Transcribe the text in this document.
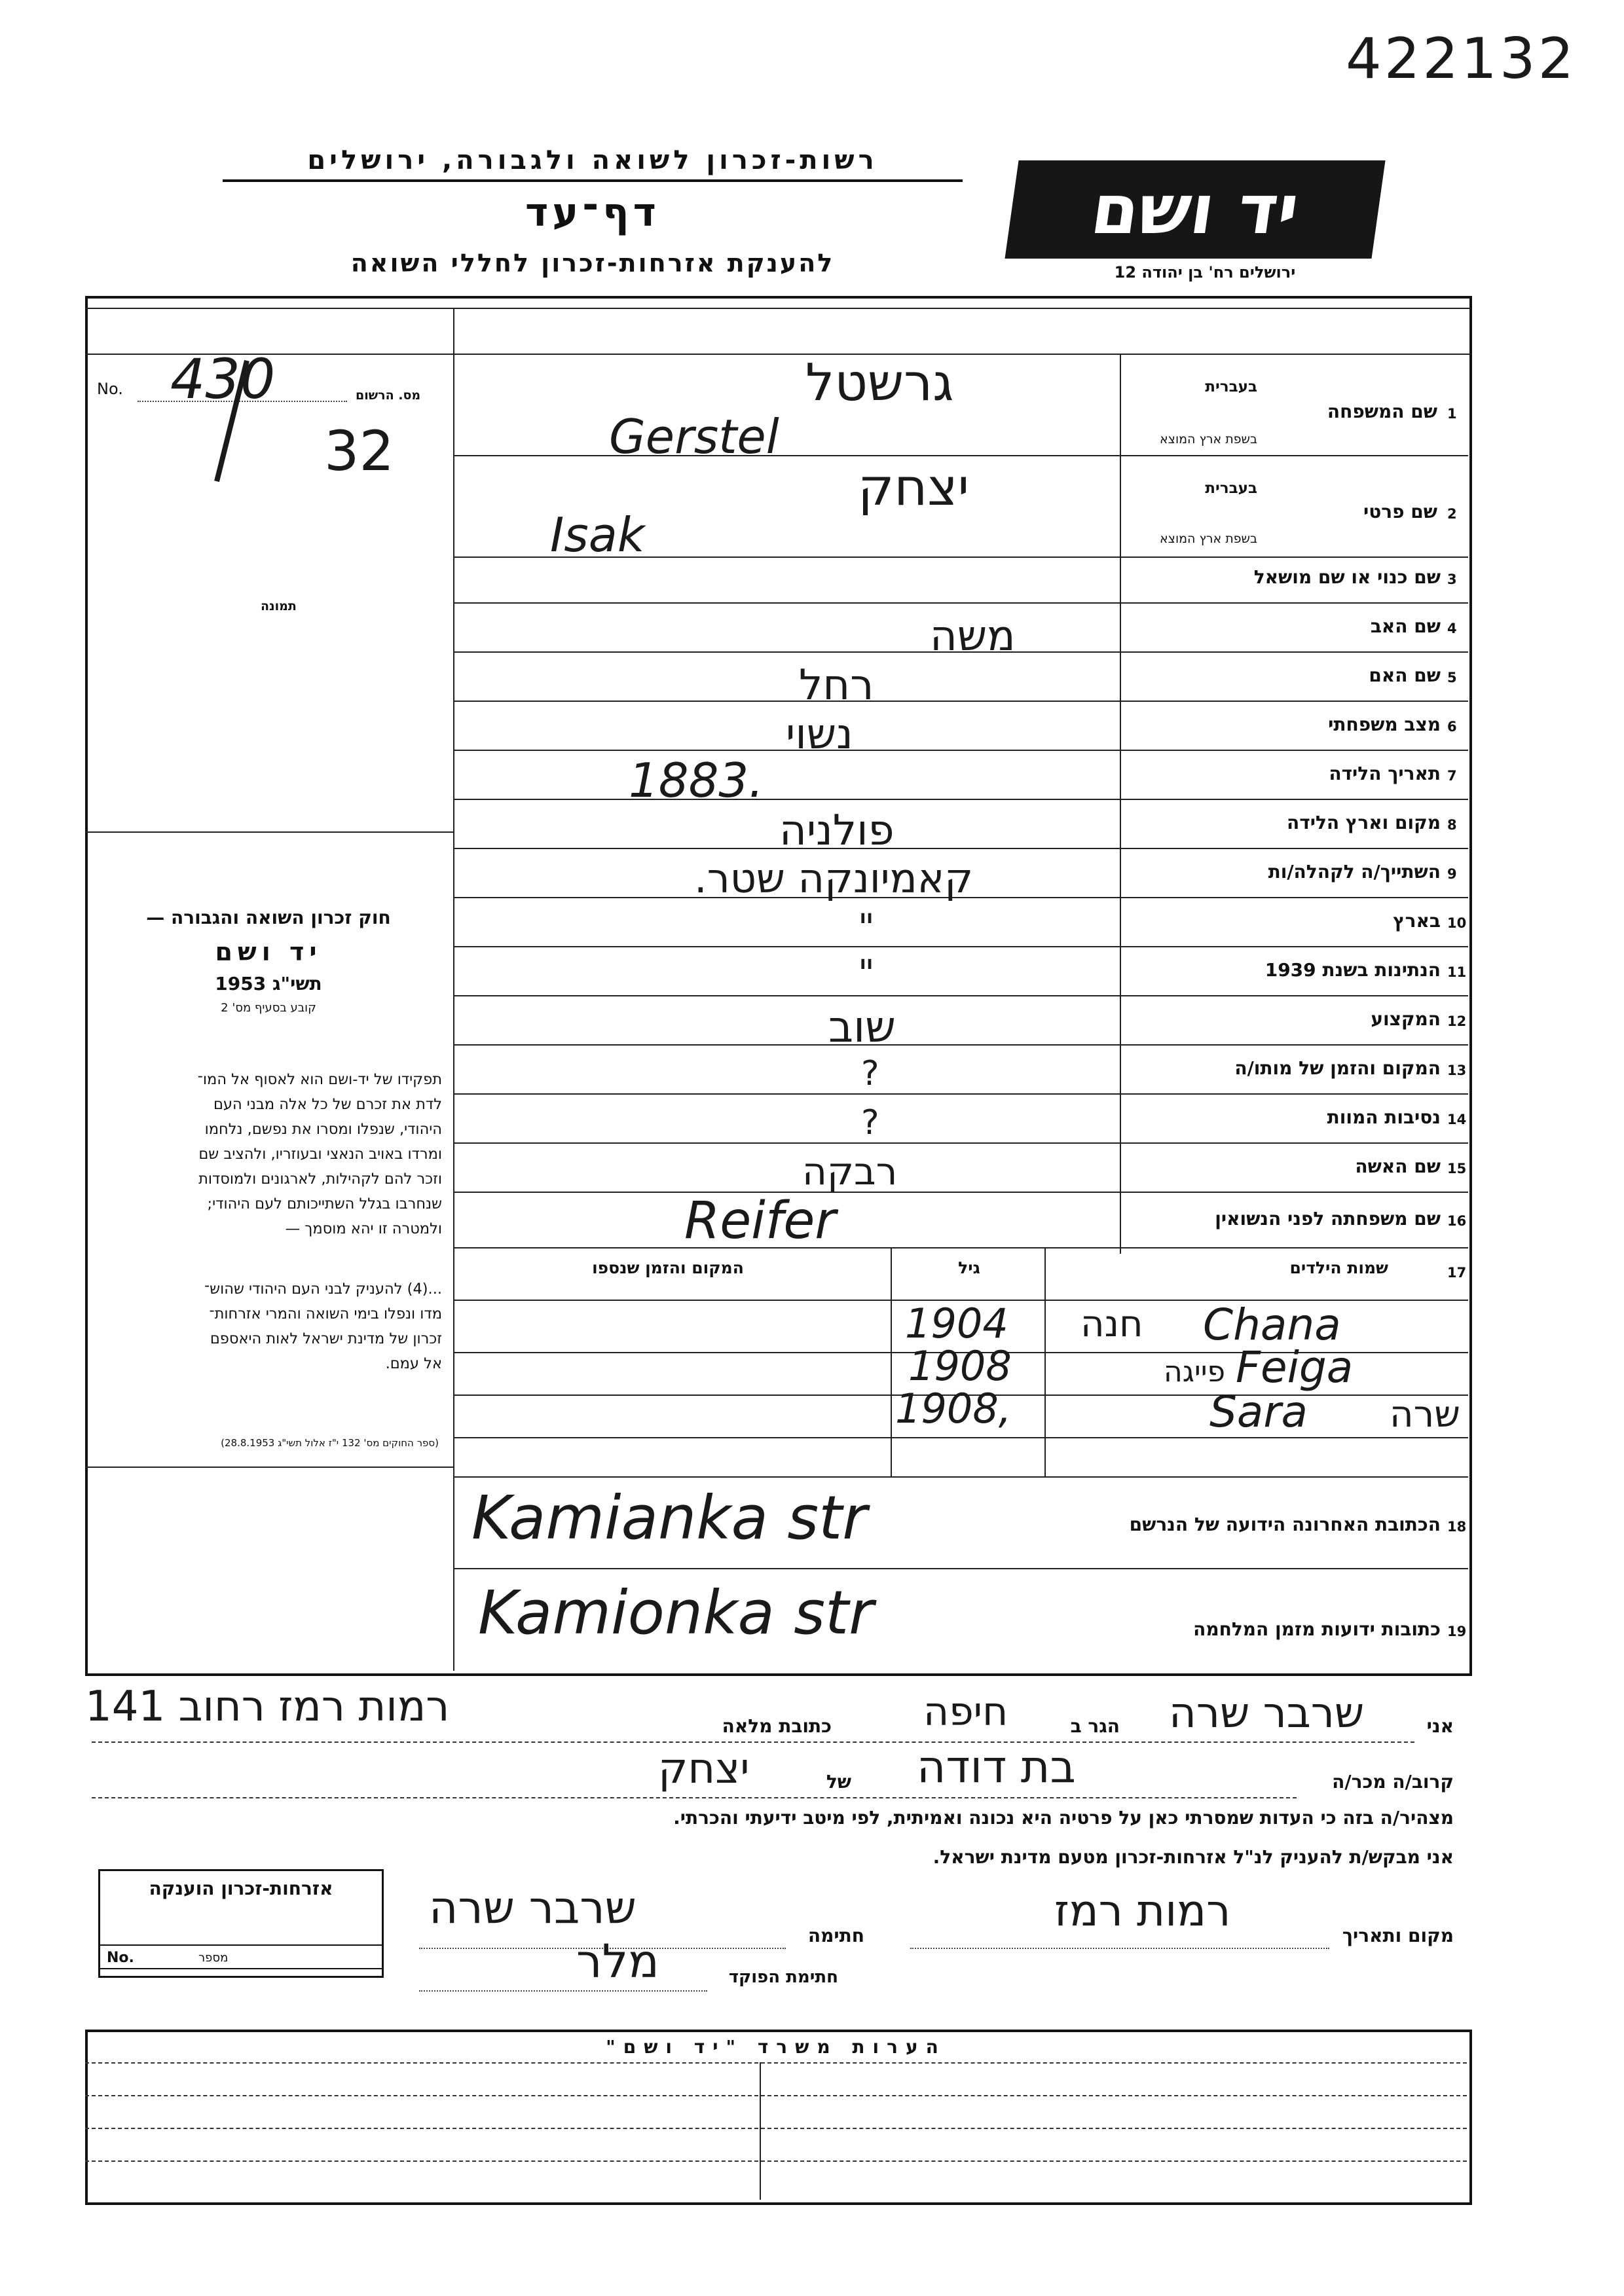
422132
רשות-זכרון לשואה ולגבורה, ירושלים
דף־עד
להענקת אזרחות-זכרון לחללי השואה
יד ושם
ירושלים רח' בן יהודה 12
מס. הרשום
No. 430
32
תמונה
חוק זכרון השואה והגבורה —
יד ושם
תשי"ג 1953
קובע בסעיף מס' 2
תפקידו של יד-ושם הוא לאסוף אל המו־
לדת את זכרם של כל אלה מבני העם
היהודי, שנפלו ומסרו את נפשם, נלחמו
ומרדו באויב הנאצי ובעוזריו, ולהציב שם
וזכר להם לקהילות, לארגונים ולמוסדות
שנחרבו בגלל השתייכותם לעם היהודי;
ולמטרה זו יהא מוסמך —
...(4) להעניק לבני העם היהודי שהוש־
מדו ונפלו בימי השואה והמרי אזרחות־
זכרון של מדינת ישראל לאות היאספם
אל עמם.
(ספר החוקים מס' 132 י"ז אלול תשי"ג 28.8.1953)
1
שם המשפחה
בעברית
בשפת ארץ המוצא
גרשטל
Gerstel
2
שם פרטי
בעברית
בשפת ארץ המוצא
יצחק
Isak
3
שם כנוי או שם מושאל
4
שם האב
משה
5
שם האם
רחל
6
מצב משפחתי
נשוי
7
תאריך הלידה
1883.
8
מקום וארץ הלידה
פולניה
9
השתייך/ה לקהלה/ות
קאמיונקה שטר.
10
בארץ
"
11
הנתינות בשנת 1939
"
12
המקצוע
שוב
13
המקום והזמן של מותו/ה
?
14
נסיבות המוות
?
15
שם האשה
רבקה
16
שם משפחתה לפני הנשואין
Reifer
17
שמות הילדים
גיל
המקום והזמן שנספו
חנה Chana
1904
פייגה Feiga
1908
שרה
Sara
1908,
18
הכתובת האחרונה הידועה של הנרשם
Kamianka str
19
כתובות ידועות מזמן המלחמה
Kamionka str
אני
שרבר שרה
הגר ב
חיפה
כתובת מלאה
רמות רמז רחוב 141
קרוב/ה מכר/ה
בת דודה
של
יצחק
מצהיר/ה בזה כי העדות שמסרתי כאן על פרטיה היא נכונה ואמיתית, לפי מיטב ידיעתי והכרתי.
אני מבקש/ת להעניק לנ"ל אזרחות-זכרון מטעם מדינת ישראל.
מקום ותאריך
רמות רמז
חתימה
שרבר שרה
חתימת הפוקד
מלר
אזרחות-זכרון הוענקה
No.	מספר
הערות משרד "יד ושם"
